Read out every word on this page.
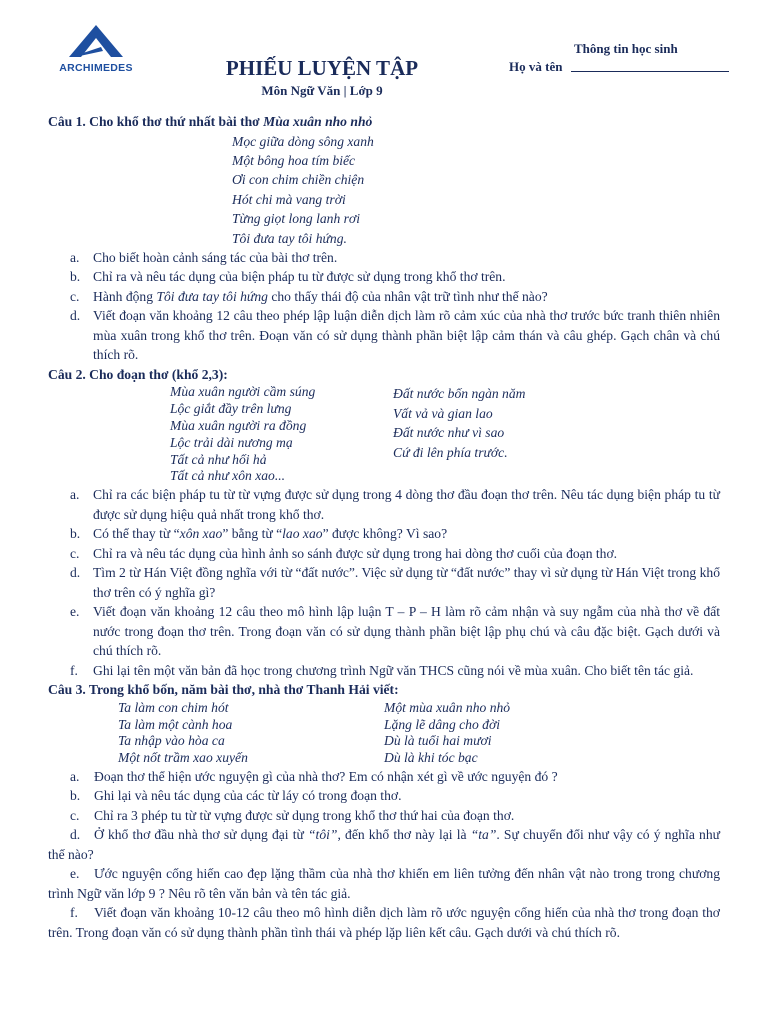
ARCHIMEDES	PHIẾU LUYỆN TẬP
Môn Ngữ Văn | Lớp 9
Thông tin học sinh
Họ và tên
Câu 1. Cho khổ thơ thứ nhất bài thơ Mùa xuân nho nhỏ
Mọc giữa dòng sông xanh
Một bông hoa tím biếc
Ơi con chim chiền chiện
Hót chi mà vang trời
Từng giọt long lanh rơi
Tôi đưa tay tôi hứng.
a. Cho biết hoàn cảnh sáng tác của bài thơ trên.
b. Chỉ ra và nêu tác dụng của biện pháp tu từ được sử dụng trong khổ thơ trên.
c. Hành động Tôi đưa tay tôi hứng cho thấy thái độ của nhân vật trữ tình như thế nào?
d. Viết đoạn văn khoảng 12 câu theo phép lập luận diễn dịch làm rõ cảm xúc của nhà thơ trước bức tranh thiên nhiên mùa xuân trong khổ thơ trên. Đoạn văn có sử dụng thành phần biệt lập cảm thán và câu ghép. Gạch chân và chú thích rõ.
Câu 2. Cho đoạn thơ (khổ 2,3):
Mùa xuân người cầm súng
Lộc giắt đầy trên lưng
Mùa xuân người ra đồng
Lộc trải dài nương mạ
Tất cả như hối hả
Tất cả như xôn xao...
Đất nước bốn ngàn năm
Vất vả và gian lao
Đất nước như vì sao
Cứ đi lên phía trước.
a. Chỉ ra các biện pháp tu từ từ vựng được sử dụng trong 4 dòng thơ đầu đoạn thơ trên. Nêu tác dụng biện pháp tu từ được sử dụng hiệu quả nhất trong khổ thơ.
b. Có thể thay từ “xôn xao” bằng từ “lao xao” được không? Vì sao?
c. Chỉ ra và nêu tác dụng của hình ảnh so sánh được sử dụng trong hai dòng thơ cuối của đoạn thơ.
d. Tìm 2 từ Hán Việt đồng nghĩa với từ “đất nước”. Việc sử dụng từ “đất nước” thay vì sử dụng từ Hán Việt trong khổ thơ trên có ý nghĩa gì?
e. Viết đoạn văn khoảng 12 câu theo mô hình lập luận T – P – H làm rõ cảm nhận và suy ngẫm của nhà thơ về đất nước trong đoạn thơ trên. Trong đoạn văn có sử dụng thành phần biệt lập phụ chú và câu đặc biệt. Gạch dưới và chú thích rõ.
f. Ghi lại tên một văn bản đã học trong chương trình Ngữ văn THCS cũng nói về mùa xuân. Cho biết tên tác giả.
Câu 3. Trong khổ bốn, năm bài thơ, nhà thơ Thanh Hải viết:
Ta làm con chim hót
Ta làm một cành hoa
Ta nhập vào hòa ca
Một nốt trầm xao xuyến
Một mùa xuân nho nhỏ
Lặng lẽ dâng cho đời
Dù là tuổi hai mươi
Dù là khi tóc bạc
a. Đoạn thơ thể hiện ước nguyện gì của nhà thơ? Em có nhận xét gì về ước nguyện đó ?
b. Ghi lại và nêu tác dụng của các từ láy có trong đoạn thơ.
c. Chỉ ra 3 phép tu từ từ vựng được sử dụng trong khổ thơ thứ hai của đoạn thơ.
d. Ở khổ thơ đầu nhà thơ sử dụng đại từ “tôi”, đến khổ thơ này lại là “ta”. Sự chuyển đổi như vậy có ý nghĩa như thế nào?
e. Ước nguyện cống hiến cao đẹp lặng thầm của nhà thơ khiến em liên tưởng đến nhân vật nào trong trong chương trình Ngữ văn lớp 9 ? Nêu rõ tên văn bản và tên tác giả.
f. Viết đoạn văn khoảng 10-12 câu theo mô hình diễn dịch làm rõ ước nguyện cống hiến của nhà thơ trong đoạn thơ trên. Trong đoạn văn có sử dụng thành phần tình thái và phép lặp liên kết câu. Gạch dưới và chú thích rõ.
